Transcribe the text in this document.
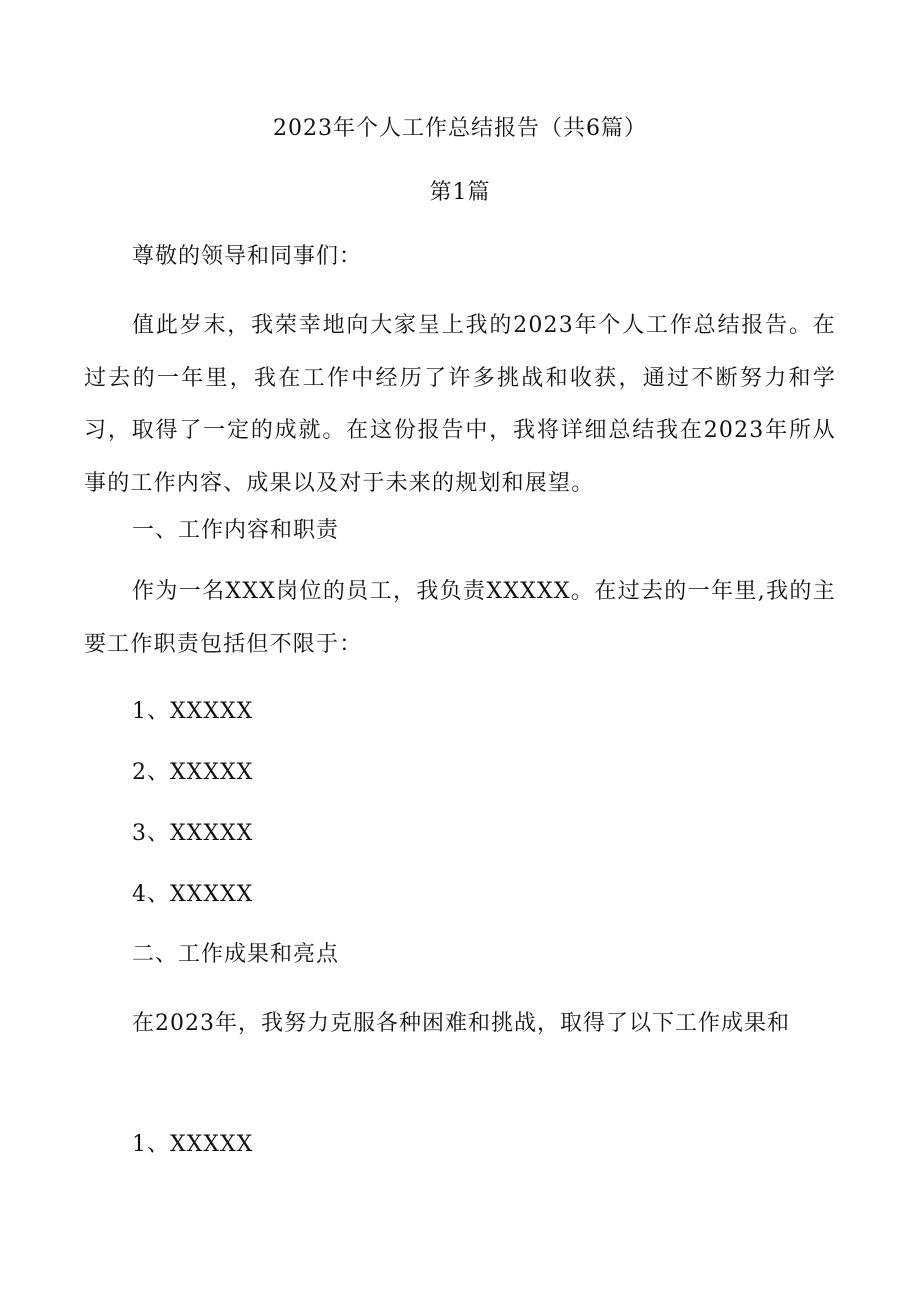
2023年个人工作总结报告（共6篇）
第1篇
尊敬的领导和同事们：
值此岁末，我荣幸地向大家呈上我的2023年个人工作总结报告。在过去的一年里，我在工作中经历了许多挑战和收获，通过不断努力和学习，取得了一定的成就。在这份报告中，我将详细总结我在2023年所从事的工作内容、成果以及对于未来的规划和展望。
一、工作内容和职责
作为一名XXX岗位的员工，我负责XXXXX。在过去的一年里,我的主要工作职责包括但不限于：
1、XXXXX
2、XXXXX
3、XXXXX
4、XXXXX
二、工作成果和亮点
在2023年，我努力克服各种困难和挑战，取得了以下工作成果和
1、XXXXX
